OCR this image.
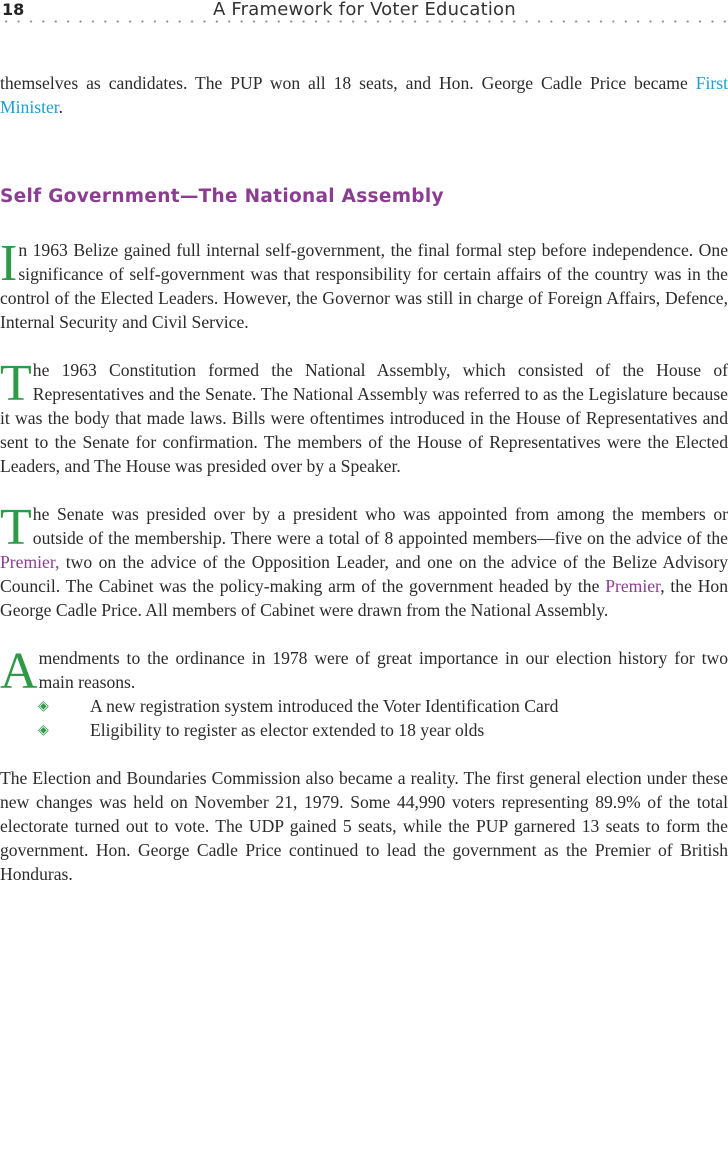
18	A Framework for Voter Education

themselves as candidates. The PUP won all 18 seats, and Hon. George Cadle Price became First Minister.

Self Government—The National Assembly

In 1963 Belize gained full internal self-government, the final formal step before independence. One significance of self-government was that responsibility for certain affairs of the country was in the control of the Elected Leaders. However, the Governor was still in charge of Foreign Affairs, Defence, Internal Security and Civil Service.

The 1963 Constitution formed the National Assembly, which consisted of the House of Representatives and the Senate. The National Assembly was referred to as the Legislature because it was the body that made laws. Bills were oftentimes introduced in the House of Representatives and sent to the Senate for confirmation. The members of the House of Representatives were the Elected Leaders, and The House was presided over by a Speaker.

The Senate was presided over by a president who was appointed from among the members or outside of the membership. There were a total of 8 appointed members—five on the advice of the Premier, two on the advice of the Opposition Leader, and one on the advice of the Belize Advisory Council. The Cabinet was the policy-making arm of the government headed by the Premier, the Hon George Cadle Price. All members of Cabinet were drawn from the National Assembly.

Amendments to the ordinance in 1978 were of great importance in our election history for two main reasons.

◈ A new registration system introduced the Voter Identification Card
◈ Eligibility to register as elector extended to 18 year olds

The Election and Boundaries Commission also became a reality. The first general election under these new changes was held on November 21, 1979. Some 44,990 voters representing 89.9% of the total electorate turned out to vote. The UDP gained 5 seats, while the PUP garnered 13 seats to form the government. Hon. George Cadle Price continued to lead the government as the Premier of British Honduras.
